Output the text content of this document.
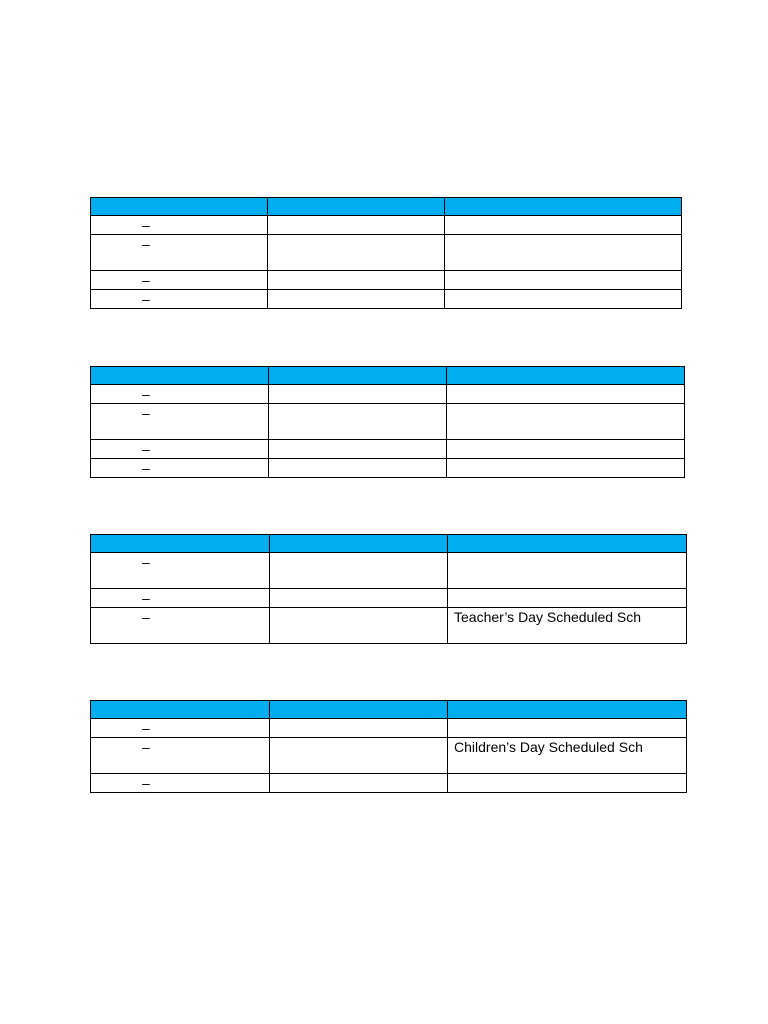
–		

–		

–		

–		

–		

–		

–		

–		

–		

–		

–		Teacher’s Day Scheduled Sch

–		

–		Children’s Day Scheduled Sch

–		
